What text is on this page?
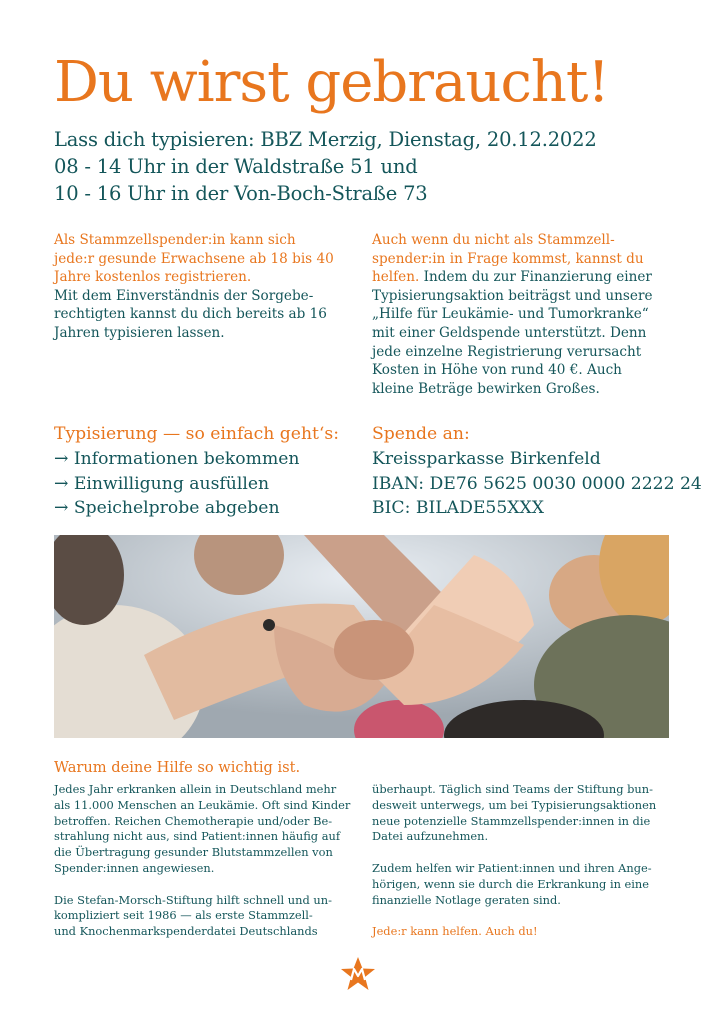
Du wirst gebraucht!
Lass dich typisieren: BBZ Merzig, Dienstag, 20.12.2022
08 - 14 Uhr in der Waldstraße 51 und
10 - 16 Uhr in der Von-Boch-Straße 73
Als Stammzellspender:in kann sich
jede:r gesunde Erwachsene ab 18 bis 40
Jahre kostenlos registrieren.
Mit dem Einverständnis der Sorgebe-
rechtigten kannst du dich bereits ab 16
Jahren typisieren lassen.
Auch wenn du nicht als Stammzell-
spender:in in Frage kommst, kannst du
helfen. Indem du zur Finanzierung einer
Typisierungsaktion beiträgst und unsere
„Hilfe für Leukämie- und Tumorkranke“
mit einer Geldspende unterstützt. Denn
jede einzelne Registrierung verursacht
Kosten in Höhe von rund 40 €. Auch
kleine Beträge bewirken Großes.
Typisierung — so einfach geht‘s:
→ Informationen bekommen
→ Einwilligung ausfüllen
→ Speichelprobe abgeben
Spende an:
Kreissparkasse Birkenfeld
IBAN: DE76 5625 0030 0000 2222 24
BIC: BILADE55XXX
Warum deine Hilfe so wichtig ist.
Jedes Jahr erkranken allein in Deutschland mehr
als 11.000 Menschen an Leukämie. Oft sind Kinder
betroffen. Reichen Chemotherapie und/oder Be-
strahlung nicht aus, sind Patient:innen häufig auf
die Übertragung gesunder Blutstammzellen von
Spender:innen angewiesen.
Die Stefan-Morsch-Stiftung hilft schnell und un-
kompliziert seit 1986 — als erste Stammzell-
und Knochenmarkspenderdatei Deutschlands
überhaupt. Täglich sind Teams der Stiftung bun-
desweit unterwegs, um bei Typisierungsaktionen
neue potenzielle Stammzellspender:innen in die
Datei aufzunehmen.
Zudem helfen wir Patient:innen und ihren Ange-
hörigen, wenn sie durch die Erkrankung in eine
finanzielle Notlage geraten sind.
Jede:r kann helfen. Auch du!
